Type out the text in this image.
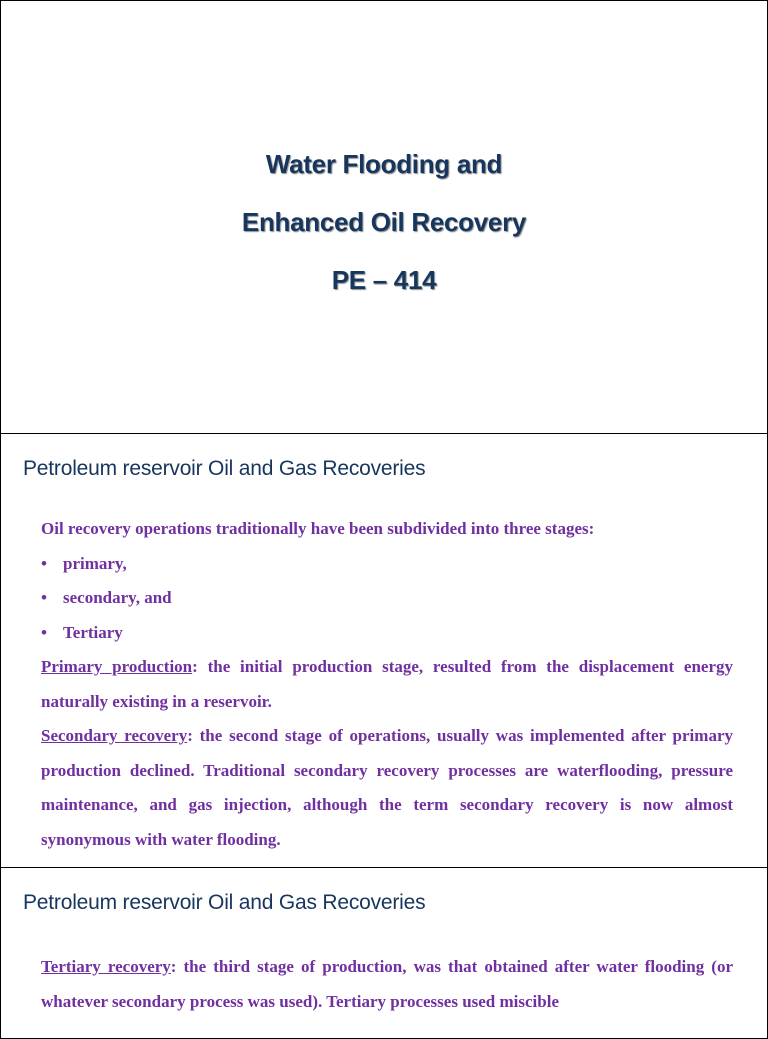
Water Flooding and
Enhanced Oil Recovery
PE – 414
Petroleum reservoir Oil and Gas Recoveries

Oil recovery operations traditionally have been subdivided into three stages:

• primary,
• secondary, and
• Tertiary

Primary production: the initial production stage, resulted from the displacement energy naturally existing in a reservoir.

Secondary recovery: the second stage of operations, usually was implemented after primary production declined. Traditional secondary recovery processes are waterflooding, pressure maintenance, and gas injection, although the term secondary recovery is now almost synonymous with water flooding.

Petroleum reservoir Oil and Gas Recoveries

Tertiary recovery: the third stage of production, was that obtained after water flooding (or whatever secondary process was used). Tertiary processes used miscible
